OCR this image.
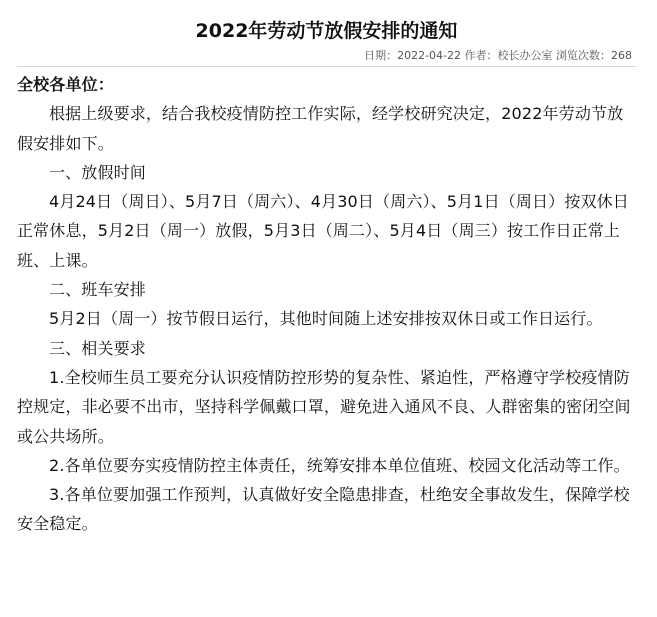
2022年劳动节放假安排的通知
日期：2022-04-22 作者：校长办公室 浏览次数：268

全校各单位：

根据上级要求，结合我校疫情防控工作实际，经学校研究决定，2022年劳动节放假安排如下。

一、放假时间

4月24日（周日）、5月7日（周六）、4月30日（周六）、5月1日（周日）按双休日正常休息，5月2日（周一）放假，5月3日（周二）、5月4日（周三）按工作日正常上班、上课。

二、班车安排

5月2日（周一）按节假日运行，其他时间随上述安排按双休日或工作日运行。

三、相关要求

1.全校师生员工要充分认识疫情防控形势的复杂性、紧迫性，严格遵守学校疫情防控规定，非必要不出市，坚持科学佩戴口罩，避免进入通风不良、人群密集的密闭空间或公共场所。

2.各单位要夯实疫情防控主体责任，统筹安排本单位值班、校园文化活动等工作。

3.各单位要加强工作预判，认真做好安全隐患排查，杜绝安全事故发生，保障学校安全稳定。
